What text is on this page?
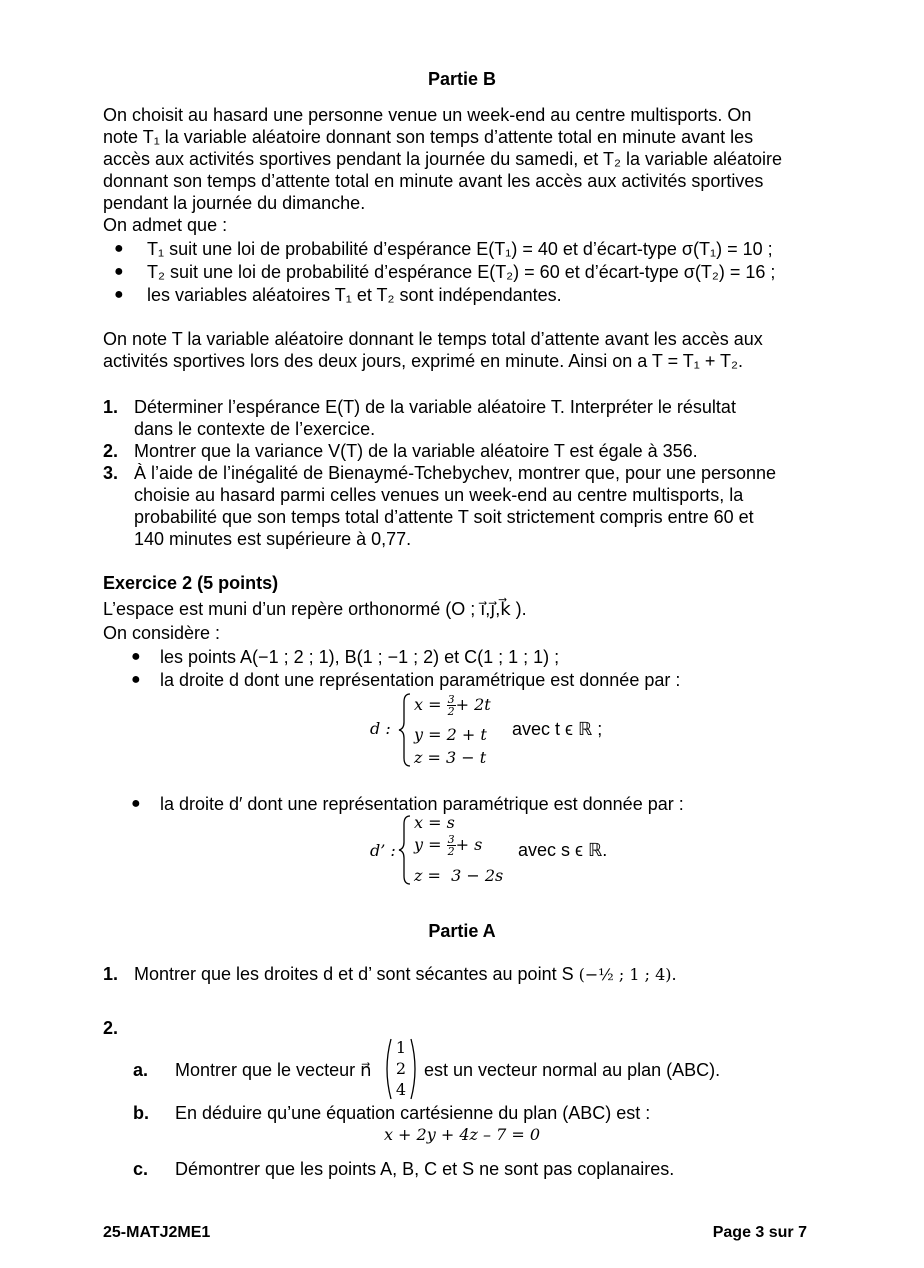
Partie B
On choisit au hasard une personne venue un week-end au centre multisports. On
note T₁ la variable aléatoire donnant son temps d’attente total en minute avant les
accès aux activités sportives pendant la journée du samedi, et T₂ la variable aléatoire
donnant son temps d’attente total en minute avant les accès aux activités sportives
pendant la journée du dimanche.
On admet que :
● T₁ suit une loi de probabilité d’espérance E(T₁) = 40 et d’écart-type σ(T₁) = 10 ;
● T₂ suit une loi de probabilité d’espérance E(T₂) = 60 et d’écart-type σ(T₂) = 16 ;
● les variables aléatoires T₁ et T₂ sont indépendantes.
On note T la variable aléatoire donnant le temps total d’attente avant les accès aux
activités sportives lors des deux jours, exprimé en minute. Ainsi on a T = T₁ + T₂.
1. Déterminer l’espérance E(T) de la variable aléatoire T. Interpréter le résultat
dans le contexte de l’exercice.
2. Montrer que la variance V(T) de la variable aléatoire T est égale à 356.
3. À l’aide de l’inégalité de Bienaymé-Tchebychev, montrer que, pour une personne
choisie au hasard parmi celles venues un week-end au centre multisports, la
probabilité que son temps total d’attente T soit strictement compris entre 60 et
140 minutes est supérieure à 0,77.
Exercice 2 (5 points)
L’espace est muni d’un repère orthonormé (O ; i⃗,j⃗,k⃗ ).
On considère :
● les points A(−1 ; 2 ; 1), B(1 ; −1 ; 2) et C(1 ; 1 ; 1) ;
● la droite d dont une représentation paramétrique est donnée par :
d :
$x = \frac{3}{2} + 2t$
y = 2 + t
z = 3 − t
avec t ϵ ℝ ;
● la droite d′ dont une représentation paramétrique est donnée par :
d’ :
x = s
$y = \frac{3}{2} + s$
z =  3 − 2s
avec s ϵ ℝ.
Partie A
1. Montrer que les droites d et d’ sont sécantes au point S (−½ ; 1 ; 4).
2.
a. Montrer que le vecteur n⃗
1
2
4
est un vecteur normal au plan (ABC).
b. En déduire qu’une équation cartésienne du plan (ABC) est :
x + 2y + 4z – 7 = 0
c. Démontrer que les points A, B, C et S ne sont pas coplanaires.
25-MATJ2ME1	Page 3 sur 7
